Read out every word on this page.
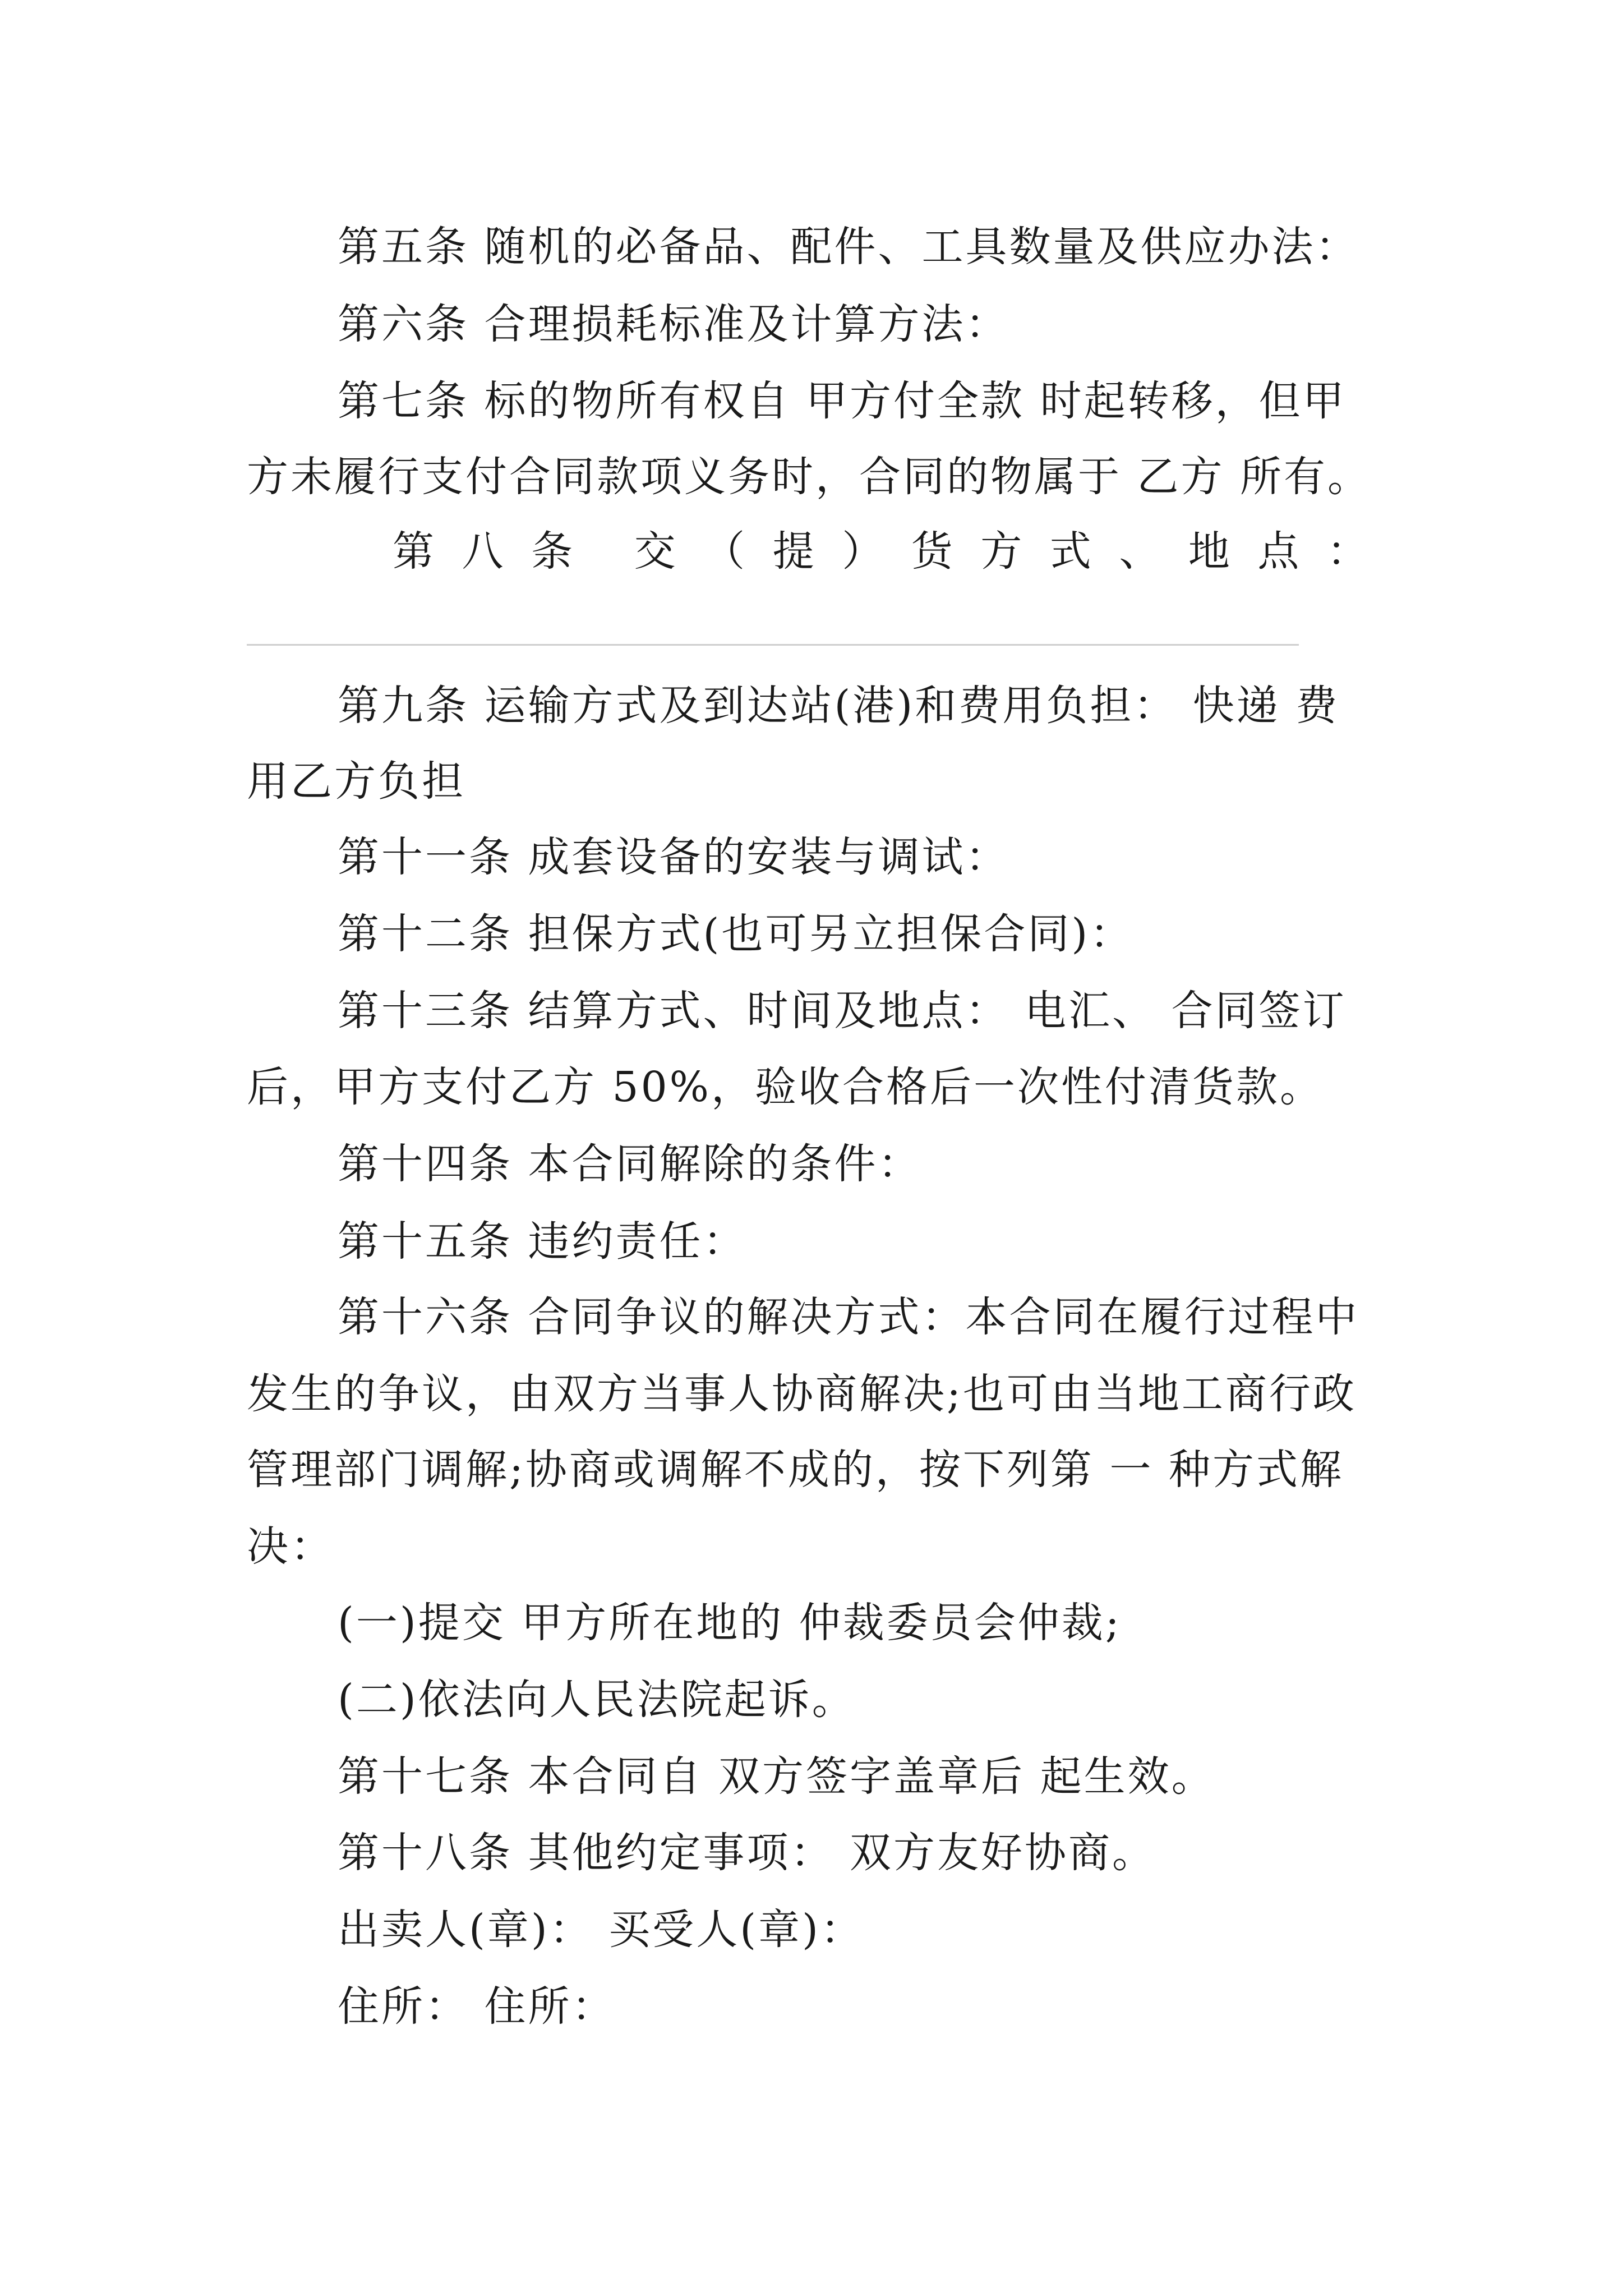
第五条 随机的必备品、配件、工具数量及供应办法：
第六条 合理损耗标准及计算方法：
第七条 标的物所有权自 甲方付全款 时起转移，但甲
方未履行支付合同款项义务时，合同的物属于 乙方 所有。
第 八 条 交 （ 提 ） 货 方 式 、 地 点 ：
第九条 运输方式及到达站(港)和费用负担： 快递 费
用乙方负担
第十一条 成套设备的安装与调试：
第十二条 担保方式(也可另立担保合同)：
第十三条 结算方式、时间及地点： 电汇、 合同签订
后，甲方支付乙方 50%，验收合格后一次性付清货款。
第十四条 本合同解除的条件：
第十五条 违约责任：
第十六条 合同争议的解决方式：本合同在履行过程中
发生的争议，由双方当事人协商解决;也可由当地工商行政
管理部门调解;协商或调解不成的，按下列第 一 种方式解
决：
(一)提交 甲方所在地的 仲裁委员会仲裁;
(二)依法向人民法院起诉。
第十七条 本合同自 双方签字盖章后 起生效。
第十八条 其他约定事项： 双方友好协商。
出卖人(章)： 买受人(章)：
住所： 住所：
